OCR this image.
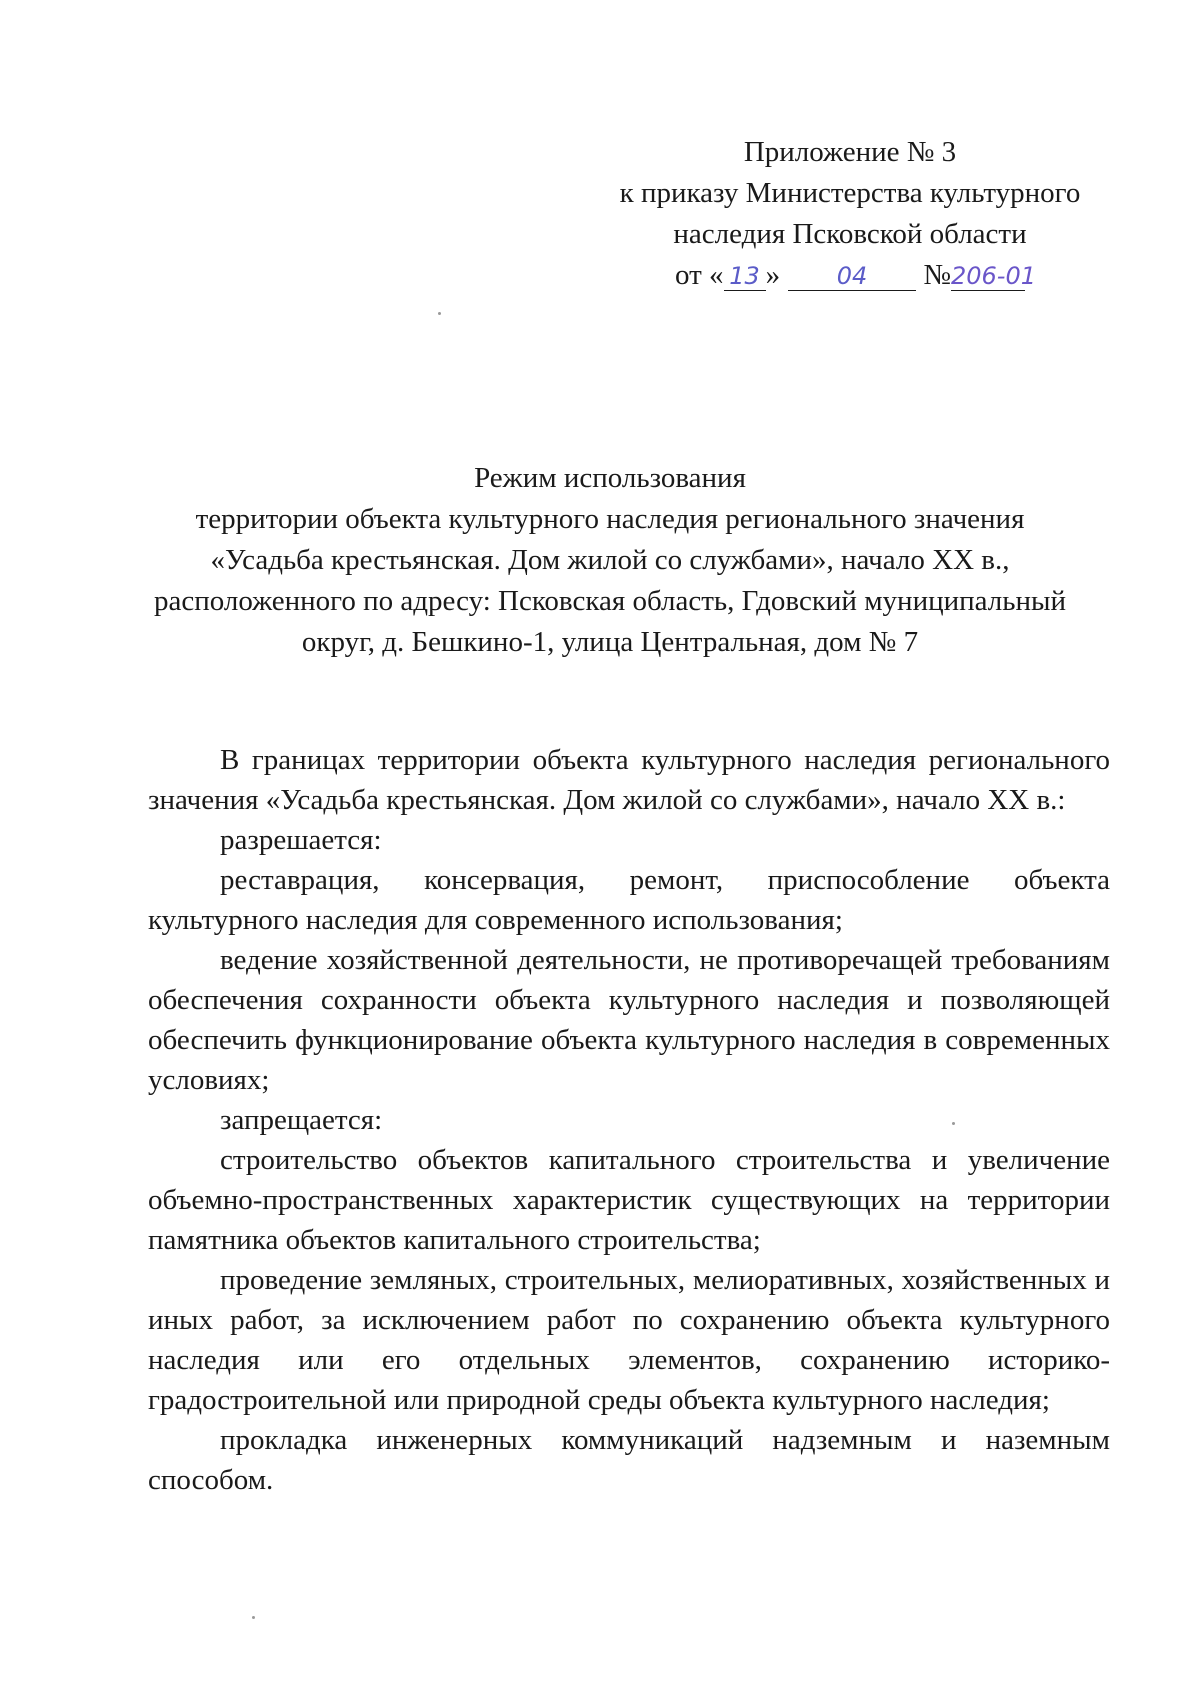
Приложение № 3
к приказу Министерства культурного
наследия Псковской области
от « 13 » 04 №206-01
Режим использования
территории объекта культурного наследия регионального значения
«Усадьба крестьянская. Дом жилой со службами», начало XX в.,
расположенного по адресу: Псковская область, Гдовский муниципальный
округ, д. Бешкино-1, улица Центральная, дом № 7

В границах территории объекта культурного наследия регионального значения «Усадьба крестьянская. Дом жилой со службами», начало XX в.:

разрешается:

реставрация, консервация, ремонт, приспособление объекта культурного наследия для современного использования;

ведение хозяйственной деятельности, не противоречащей требованиям обеспечения сохранности объекта культурного наследия и позволяющей обеспечить функционирование объекта культурного наследия в современных условиях;

запрещается:

строительство объектов капитального строительства и увеличение объемно-пространственных характеристик существующих на территории памятника объектов капитального строительства;

проведение земляных, строительных, мелиоративных, хозяйственных и иных работ, за исключением работ по сохранению объекта культурного наследия или его отдельных элементов, сохранению историко-градостроительной или природной среды объекта культурного наследия;

прокладка инженерных коммуникаций надземным и наземным способом.
